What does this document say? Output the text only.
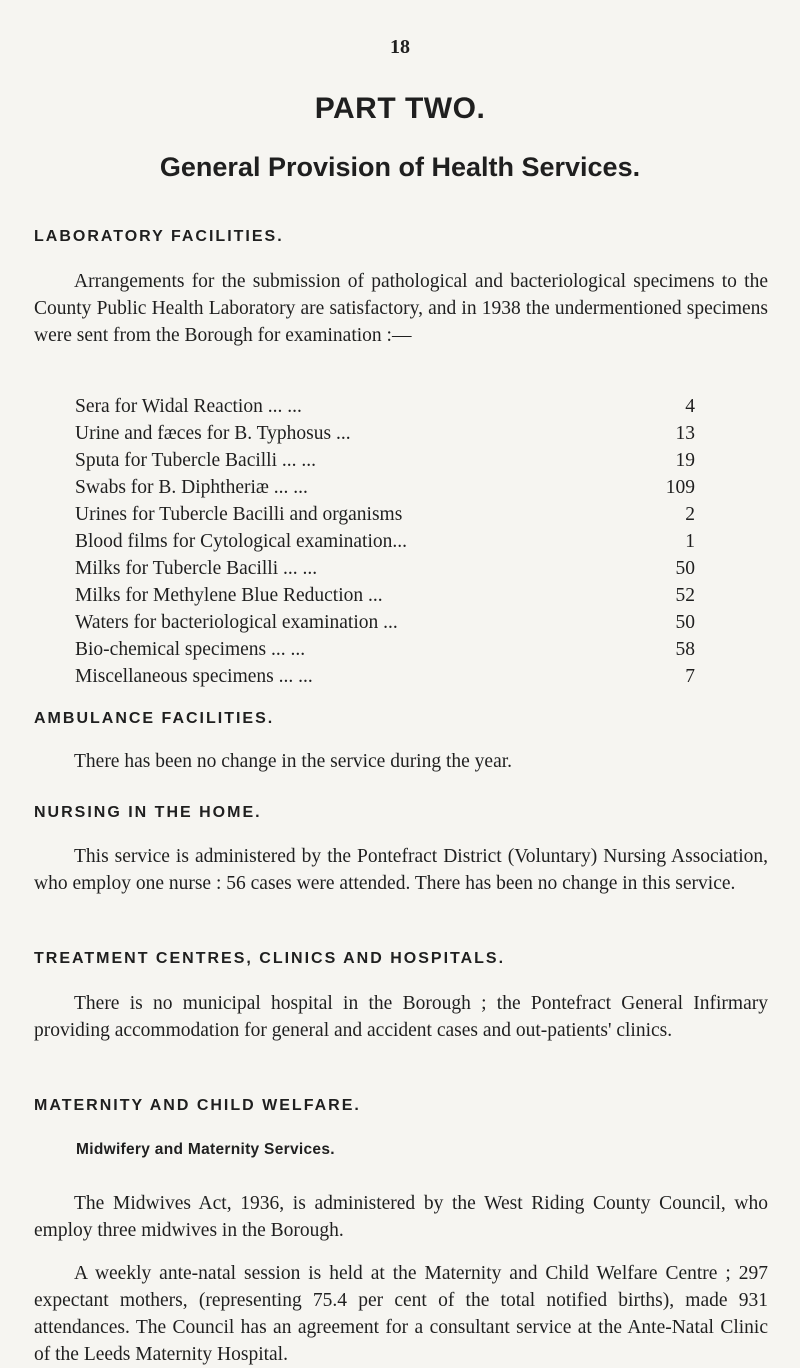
18
PART TWO.
General Provision of Health Services.
LABORATORY FACILITIES.

Arrangements for the submission of pathological and bacteriological specimens to the County Public Health Laboratory are satisfactory, and in 1938 the undermentioned specimens were sent from the Borough for examination :—

Sera for Widal Reaction ... ...	4
Urine and fæces for B. Typhosus ...	13
Sputa for Tubercle Bacilli ... ...	19
Swabs for B. Diphtheriæ ... ...	109
Urines for Tubercle Bacilli and organisms	2
Blood films for Cytological examination...	1
Milks for Tubercle Bacilli ... ...	50
Milks for Methylene Blue Reduction ...	52
Waters for bacteriological examination ...	50
Bio-chemical specimens ... ...	58
Miscellaneous specimens ... ...	7
AMBULANCE FACILITIES.

There has been no change in the service during the year.

NURSING IN THE HOME.

This service is administered by the Pontefract District (Voluntary) Nursing Association, who employ one nurse : 56 cases were attended. There has been no change in this service.

TREATMENT CENTRES, CLINICS AND HOSPITALS.

There is no municipal hospital in the Borough ; the Pontefract General Infirmary providing accommodation for general and accident cases and out-patients' clinics.

MATERNITY AND CHILD WELFARE.
Midwifery and Maternity Services.

The Midwives Act, 1936, is administered by the West Riding County Council, who employ three midwives in the Borough.

A weekly ante-natal session is held at the Maternity and Child Welfare Centre ; 297 expectant mothers, (representing 75.4 per cent of the total notified births), made 931 attendances. The Council has an agreement for a consultant service at the Ante-Natal Clinic of the Leeds Maternity Hospital.
